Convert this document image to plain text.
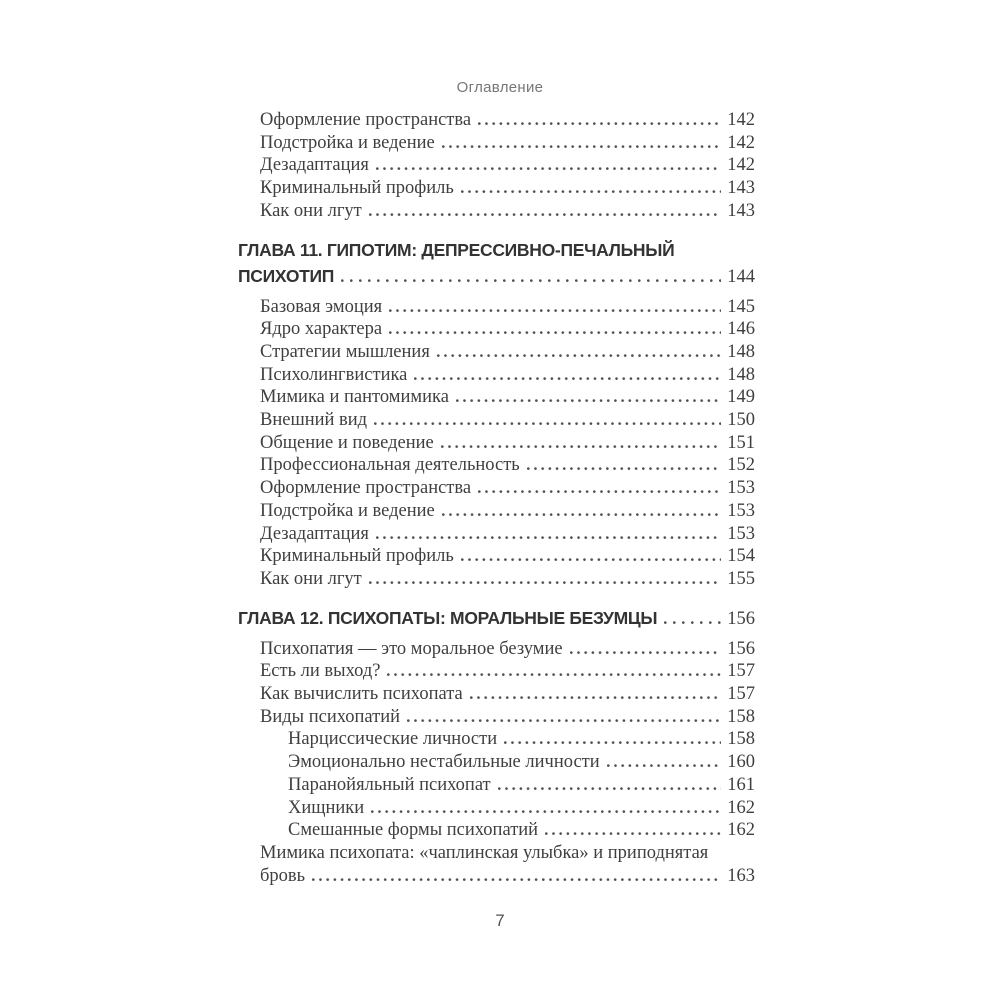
Оглавление
Оформление пространства	142
Подстройка и ведение	142
Дезадаптация	142
Криминальный профиль	143
Как они лгут	143
ГЛАВА 11. ГИПОТИМ: ДЕПРЕССИВНО-ПЕЧАЛЬНЫЙ
ПСИХОТИП	144
Базовая эмоция	145
Ядро характера	146
Стратегии мышления	148
Психолингвистика	148
Мимика и пантомимика	149
Внешний вид	150
Общение и поведение	151
Профессиональная деятельность	152
Оформление пространства	153
Подстройка и ведение	153
Дезадаптация	153
Криминальный профиль	154
Как они лгут	155
ГЛАВА 12. ПСИХОПАТЫ: МОРАЛЬНЫЕ БЕЗУМЦЫ	156
Психопатия — это моральное безумие	156
Есть ли выход?	157
Как вычислить психопата	157
Виды психопатий	158
Нарциссические личности	158
Эмоционально нестабильные личности	160
Паранойяльный психопат	161
Хищники	162
Смешанные формы психопатий	162
Мимика психопата: «чаплинская улыбка» и приподнятая
бровь	163
7
